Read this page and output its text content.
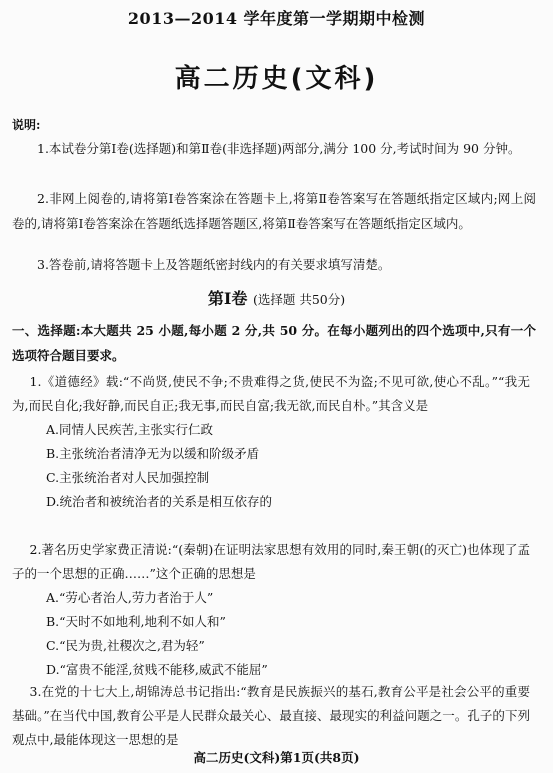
2013—2014 学年度第一学期期中检测
高二历史(文科)
说明:
1.本试卷分第Ⅰ卷(选择题)和第Ⅱ卷(非选择题)两部分,满分 100 分,考试时间为 90 分钟。
2.非网上阅卷的,请将第Ⅰ卷答案涂在答题卡上,将第Ⅱ卷答案写在答题纸指定区域内;网上阅卷的,请将第Ⅰ卷答案涂在答题纸选择题答题区,将第Ⅱ卷答案写在答题纸指定区域内。
3.答卷前,请将答题卡上及答题纸密封线内的有关要求填写清楚。
第Ⅰ卷 (选择题 共50分)
一、选择题:本大题共 25 小题,每小题 2 分,共 50 分。在每小题列出的四个选项中,只有一个选项符合题目要求。
1.《道德经》载:“不尚贤,使民不争;不贵难得之货,使民不为盗;不见可欲,使心不乱。”“我无为,而民自化;我好静,而民自正;我无事,而民自富;我无欲,而民自朴。”其含义是
A.同情人民疾苦,主张实行仁政
B.主张统治者清净无为以缓和阶级矛盾
C.主张统治者对人民加强控制
D.统治者和被统治者的关系是相互依存的
2.著名历史学家费正清说:“(秦朝)在证明法家思想有效用的同时,秦王朝(的灭亡)也体现了孟子的一个思想的正确……”这个正确的思想是
A.“劳心者治人,劳力者治于人”
B.“天时不如地利,地利不如人和”
C.“民为贵,社稷次之,君为轻”
D.“富贵不能淫,贫贱不能移,威武不能屈”
3.在党的十七大上,胡锦涛总书记指出:“教育是民族振兴的基石,教育公平是社会公平的重要基础。”在当代中国,教育公平是人民群众最关心、最直接、最现实的利益问题之一。孔子的下列观点中,最能体现这一思想的是
高二历史(文科)第1页(共8页)
